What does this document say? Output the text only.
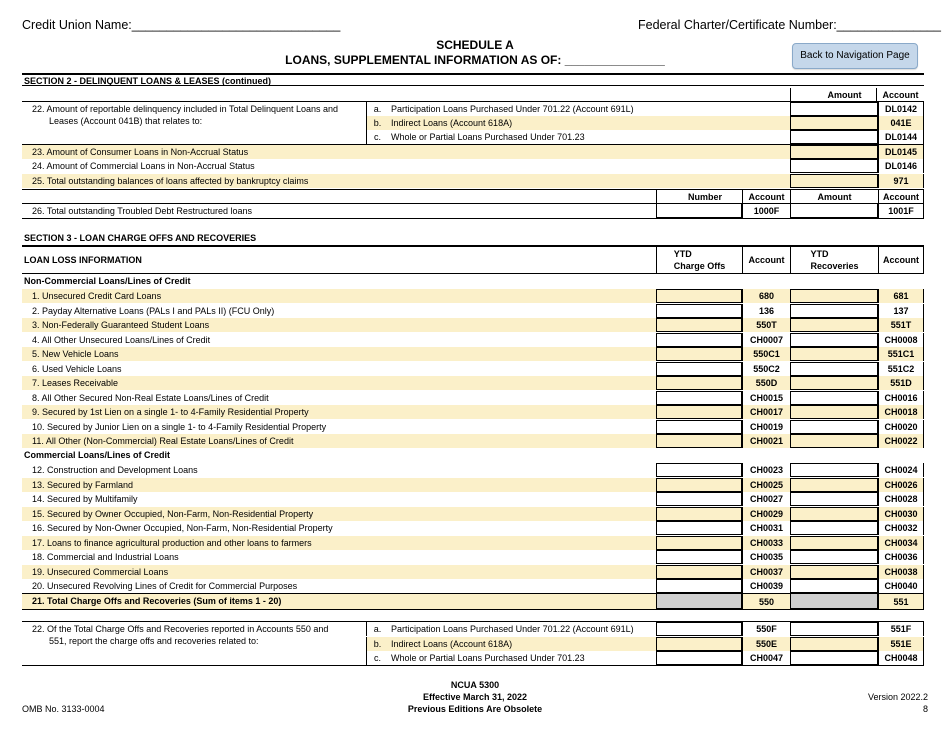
Credit Union Name:______________________________	Federal Charter/Certificate Number:_______________
SCHEDULE A
LOANS, SUPPLEMENTAL INFORMATION AS OF: _______________	Back to Navigation Page
SECTION 2 - DELINQUENT LOANS & LEASES (continued)
Amount	Account
22. Amount of reportable delinquency included in Total Delinquent Loans and
Leases (Account 041B) that relates to:
a.	Participation Loans Purchased Under 701.22 (Account 691L)	DL0142
b.	Indirect Loans (Account 618A)	041E
c.	Whole or Partial Loans Purchased Under 701.23	DL0144
23. Amount of Consumer Loans in Non-Accrual Status	DL0145
24. Amount of Commercial Loans in Non-Accrual Status	DL0146
25. Total outstanding balances of loans affected by bankruptcy claims	971
Number	Account	Amount	Account
26. Total outstanding Troubled Debt Restructured loans	1000F	1001F
SECTION 3 - LOAN CHARGE OFFS AND RECOVERIES
LOAN LOSS INFORMATION
YTD
Charge Offs
Account
YTD
Recoveries
Account
Non-Commercial Loans/Lines of Credit
1. Unsecured Credit Card Loans	680	681
2. Payday Alternative Loans (PALs I and PALs II) (FCU Only)	136	137
3. Non-Federally Guaranteed Student Loans	550T	551T
4. All Other Unsecured Loans/Lines of Credit	CH0007	CH0008
5. New Vehicle Loans	550C1	551C1
6. Used Vehicle Loans	550C2	551C2
7. Leases Receivable	550D	551D
8. All Other Secured Non-Real Estate Loans/Lines of Credit	CH0015	CH0016
9. Secured by 1st Lien on a single 1- to 4-Family Residential Property	CH0017	CH0018
10. Secured by Junior Lien on a single 1- to 4-Family Residential Property	CH0019	CH0020
11. All Other (Non-Commercial) Real Estate Loans/Lines of Credit	CH0021	CH0022
Commercial Loans/Lines of Credit
12. Construction and Development Loans	CH0023	CH0024
13. Secured by Farmland	CH0025	CH0026
14. Secured by Multifamily	CH0027	CH0028
15. Secured by Owner Occupied, Non-Farm, Non-Residential Property	CH0029	CH0030
16. Secured by Non-Owner Occupied, Non-Farm, Non-Residential Property	CH0031	CH0032
17. Loans to finance agricultural production and other loans to farmers	CH0033	CH0034
18. Commercial and Industrial Loans	CH0035	CH0036
19. Unsecured Commercial Loans	CH0037	CH0038
20. Unsecured Revolving Lines of Credit for Commercial Purposes	CH0039	CH0040
21. Total Charge Offs and Recoveries (Sum of items 1 - 20)	550	551
22. Of the Total Charge Offs and Recoveries reported in Accounts 550 and
551, report the charge offs and recoveries related to:
a.	Participation Loans Purchased Under 701.22 (Account 691L)	550F	551F
b.	Indirect Loans (Account 618A)	550E	551E
c.	Whole or Partial Loans Purchased Under 701.23	CH0047	CH0048
OMB No. 3133-0004
NCUA 5300
Effective March 31, 2022
Previous Editions Are Obsolete
Version 2022.2
8
